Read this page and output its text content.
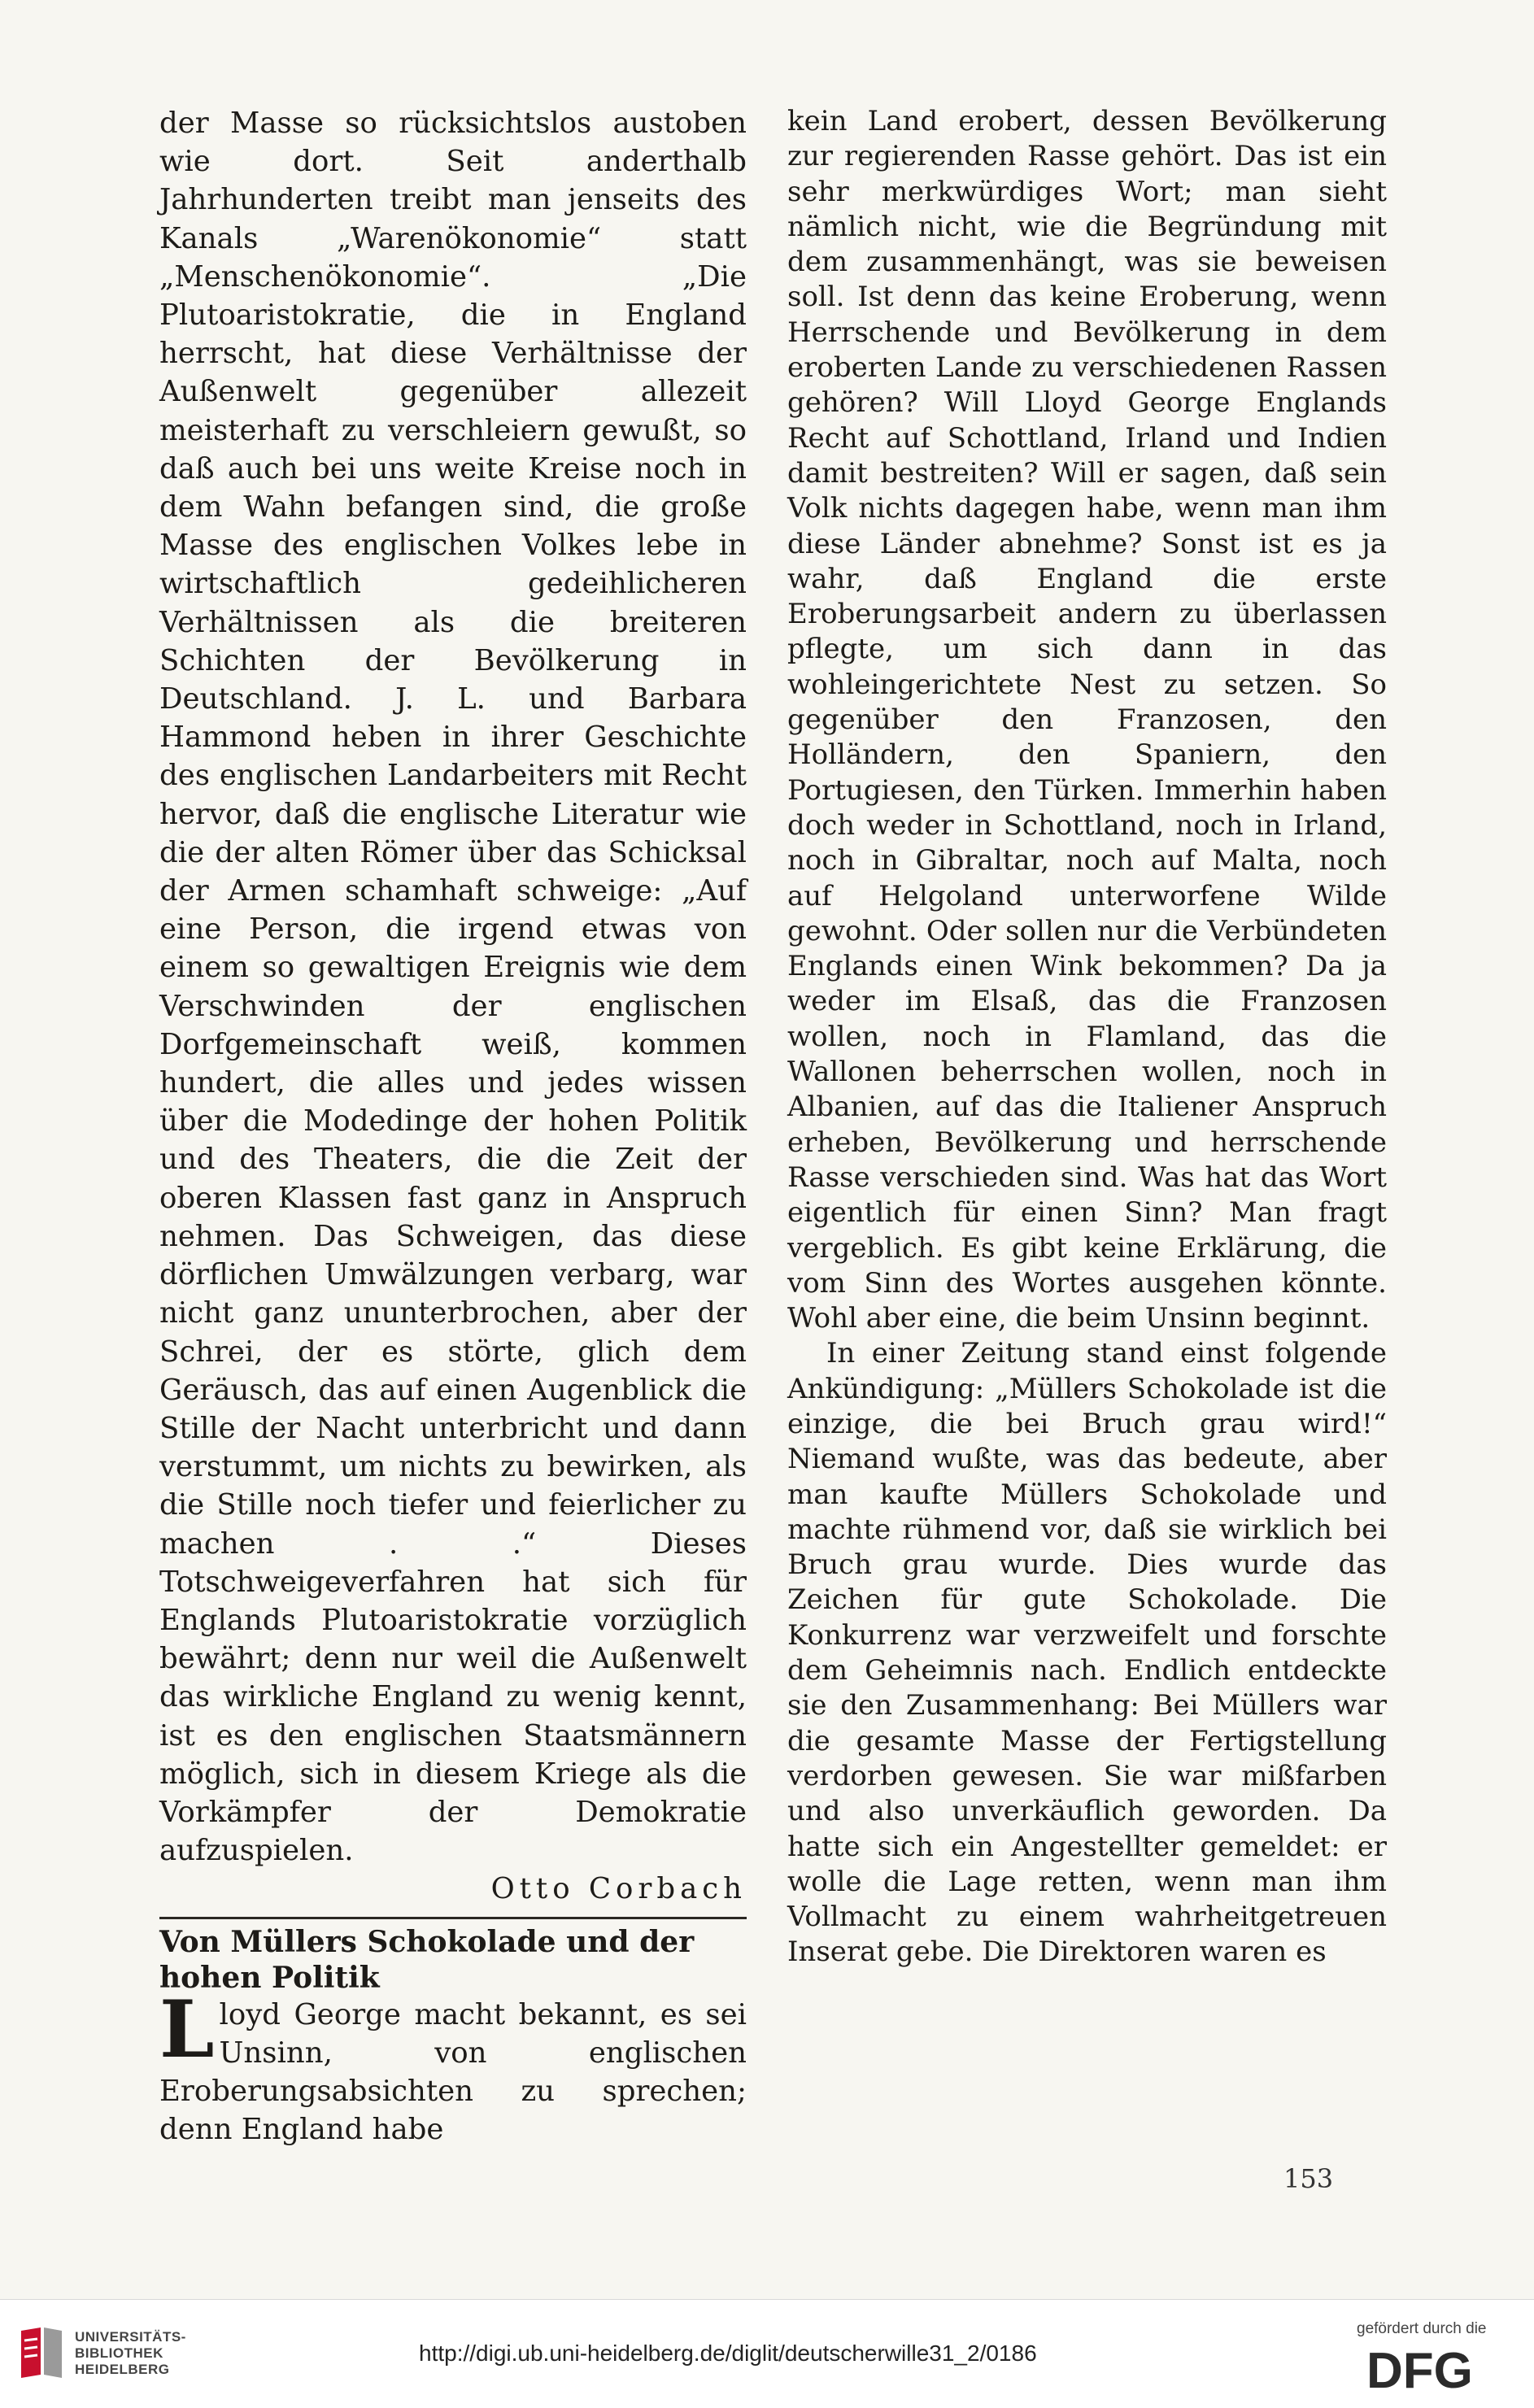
der Masse so rücksichtslos austoben wie dort. Seit anderthalb Jahrhunderten treibt man jenseits des Kanals „Warenökonomie“ statt „Menschenökonomie“. „Die Plutoaristokratie, die in England herrscht, hat diese Verhältnisse der Außenwelt gegenüber allezeit meisterhaft zu verschleiern gewußt, so daß auch bei uns weite Kreise noch in dem Wahn befangen sind, die große Masse des englischen Volkes lebe in wirtschaftlich gedeihlicheren Verhältnissen als die breiteren Schichten der Bevölkerung in Deutschland. J. L. und Barbara Hammond heben in ihrer Geschichte des englischen Landarbeiters mit Recht hervor, daß die englische Literatur wie die der alten Römer über das Schicksal der Armen schamhaft schweige: „Auf eine Person, die irgend etwas von einem so gewaltigen Ereignis wie dem Verschwinden der englischen Dorfgemeinschaft weiß, kommen hundert, die alles und jedes wissen über die Modedinge der hohen Politik und des Theaters, die die Zeit der oberen Klassen fast ganz in Anspruch nehmen. Das Schweigen, das diese dörflichen Umwälzungen verbarg, war nicht ganz ununterbrochen, aber der Schrei, der es störte, glich dem Geräusch, das auf einen Augenblick die Stille der Nacht unterbricht und dann verstummt, um nichts zu bewirken, als die Stille noch tiefer und feierlicher zu machen . .“ Dieses Totschweigeverfahren hat sich für Englands Plutoaristokratie vorzüglich bewährt; denn nur weil die Außenwelt das wirkliche England zu wenig kennt, ist es den englischen Staatsmännern möglich, sich in diesem Kriege als die Vorkämpfer der Demokratie aufzuspielen.

Otto Corbach

Von Müllers Schokolade und der hohen Politik

Lloyd George macht bekannt, es sei Unsinn, von englischen Eroberungsabsichten zu sprechen; denn England habe

kein Land erobert, dessen Bevölkerung zur regierenden Rasse gehört. Das ist ein sehr merkwürdiges Wort; man sieht nämlich nicht, wie die Begründung mit dem zusammenhängt, was sie beweisen soll. Ist denn das keine Eroberung, wenn Herrschende und Bevölkerung in dem eroberten Lande zu verschiedenen Rassen gehören? Will Lloyd George Englands Recht auf Schottland, Irland und Indien damit bestreiten? Will er sagen, daß sein Volk nichts dagegen habe, wenn man ihm diese Länder abnehme? Sonst ist es ja wahr, daß England die erste Eroberungsarbeit andern zu überlassen pflegte, um sich dann in das wohleingerichtete Nest zu setzen. So gegenüber den Franzosen, den Holländern, den Spaniern, den Portugiesen, den Türken. Immerhin haben doch weder in Schottland, noch in Irland, noch in Gibraltar, noch auf Malta, noch auf Helgoland unterworfene Wilde gewohnt. Oder sollen nur die Verbündeten Englands einen Wink bekommen? Da ja weder im Elsaß, das die Franzosen wollen, noch in Flamland, das die Wallonen beherrschen wollen, noch in Albanien, auf das die Italiener Anspruch erheben, Bevölkerung und herrschende Rasse verschieden sind. Was hat das Wort eigentlich für einen Sinn? Man fragt vergeblich. Es gibt keine Erklärung, die vom Sinn des Wortes ausgehen könnte. Wohl aber eine, die beim Unsinn beginnt.

In einer Zeitung stand einst folgende Ankündigung: „Müllers Schokolade ist die einzige, die bei Bruch grau wird!“ Niemand wußte, was das bedeute, aber man kaufte Müllers Schokolade und machte rühmend vor, daß sie wirklich bei Bruch grau wurde. Dies wurde das Zeichen für gute Schokolade. Die Konkurrenz war verzweifelt und forschte dem Geheimnis nach. Endlich entdeckte sie den Zusammenhang: Bei Müllers war die gesamte Masse der Fertigstellung verdorben gewesen. Sie war mißfarben und also unverkäuflich geworden. Da hatte sich ein Angestellter gemeldet: er wolle die Lage retten, wenn man ihm Vollmacht zu einem wahrheitgetreuen Inserat gebe. Die Direktoren waren es

153
UNIVERSITÄTS-
BIBLIOTHEK
HEIDELBERG
http://digi.ub.uni-heidelberg.de/diglit/deutscherwille31_2/0186
gefördert durch die
DFG
